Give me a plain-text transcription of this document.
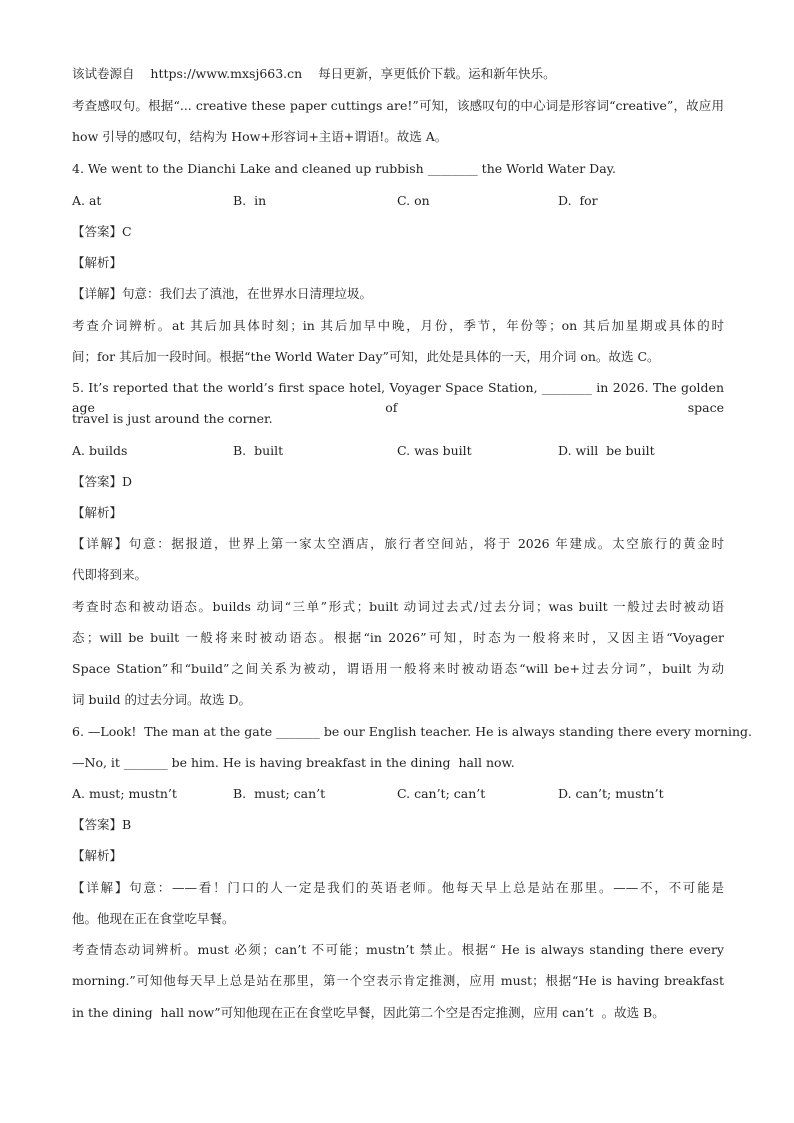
该试卷源自    https://www.mxsj663.cn    每日更新，享更低价下载。运和新年快乐。
考查感叹句。根据“... creative these paper cuttings are!”可知，该感叹句的中心词是形容词“creative”，故应用
how 引导的感叹句，结构为 How+形容词+主语+谓语!。故选 A。
4. We went to the Dianchi Lake and cleaned up rubbish ________ the World Water Day.
A. at	B.  in	C. on	D.  for
【答案】C
【解析】
【详解】句意：我们去了滇池，在世界水日清理垃圾。
考查介词辨析。at 其后加具体时刻；in 其后加早中晚，月份，季节，年份等；on 其后加星期或具体的时
间；for 其后加一段时间。根据“the World Water Day”可知，此处是具体的一天，用介词 on。故选 C。
5. It’s reported that the world’s first space hotel, Voyager Space Station, ________ in 2026. The golden age of space
travel is just around the corner.
A. builds	B.  built	C. was built	D. will  be built
【答案】D
【解析】
【详解】句意：据报道，世界上第一家太空酒店，旅行者空间站，将于 2026 年建成。太空旅行的黄金时
代即将到来。
考查时态和被动语态。builds 动词“三单”形式；built 动词过去式/过去分词；was built 一般过去时被动语
态；will be built 一般将来时被动语态。根据“in 2026”可知，时态为一般将来时，又因主语“Voyager
Space Station”和“build”之间关系为被动，谓语用一般将来时被动语态“will be+过去分词”，built 为动
词 build 的过去分词。故选 D。
6. —Look!  The man at the gate _______ be our English teacher. He is always standing there every morning.
—No, it _______ be him. He is having breakfast in the dining  hall now.
A. must; mustn’t	B.  must; can’t	C. can’t; can’t	D. can’t; mustn’t
【答案】B
【解析】
【详解】句意：——看！门口的人一定是我们的英语老师。他每天早上总是站在那里。——不，不可能是
他。他现在正在食堂吃早餐。
考查情态动词辨析。must 必须；can’t 不可能；mustn’t 禁止。根据“ He is always standing there every
morning.”可知他每天早上总是站在那里，第一个空表示肯定推测，应用 must；根据“He is having breakfast
in the dining  hall now”可知他现在正在食堂吃早餐，因此第二个空是否定推测，应用 can’t  。故选 B。
